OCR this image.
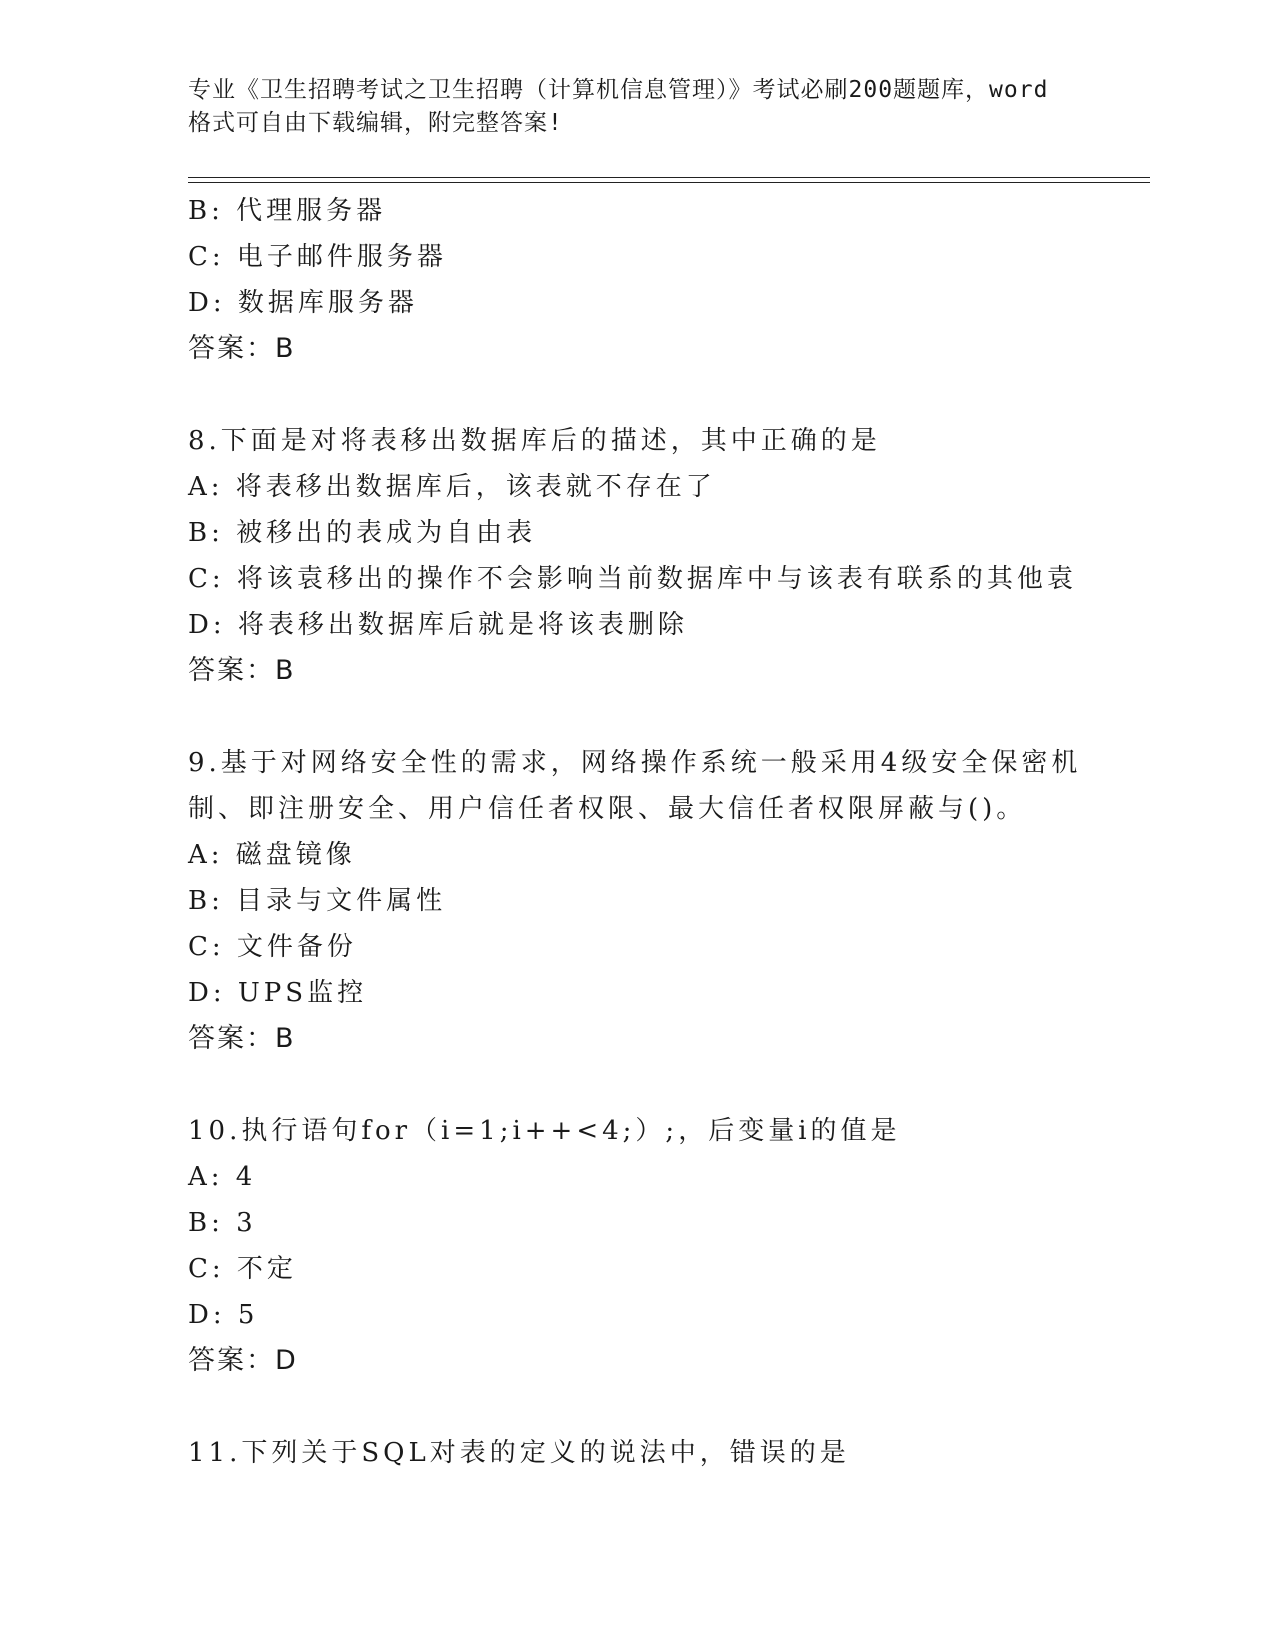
专业《卫生招聘考试之卫生招聘（计算机信息管理）》考试必刷200题题库，word
格式可自由下载编辑，附完整答案!
B: 代理服务器
C: 电子邮件服务器
D: 数据库服务器
答案：B
8.下面是对将表移出数据库后的描述，其中正确的是
A: 将表移出数据库后，该表就不存在了
B: 被移出的表成为自由表
C: 将该袁移出的操作不会影响当前数据库中与该表有联系的其他袁
D: 将表移出数据库后就是将该表删除
答案：B
9.基于对网络安全性的需求，网络操作系统一般采用4级安全保密机
制、即注册安全、用户信任者权限、最大信任者权限屏蔽与()。
A: 磁盘镜像
B: 目录与文件属性
C: 文件备份
D: UPS监控
答案：B
10.执行语句for（i=1;i++<4;）;，后变量i的值是
A: 4
B: 3
C: 不定
D: 5
答案：D
11.下列关于SQL对表的定义的说法中，错误的是
